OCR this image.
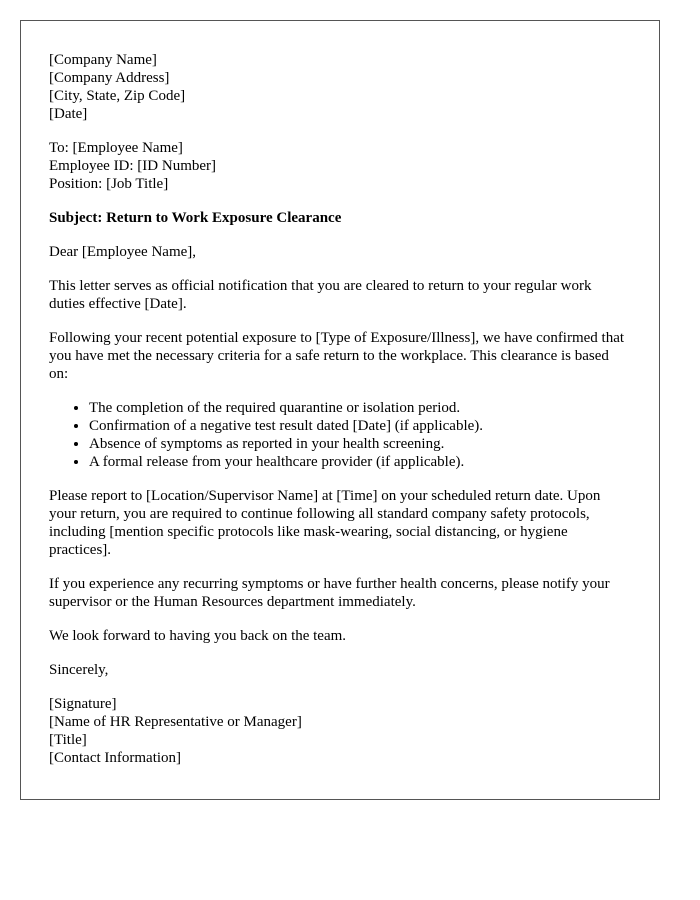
[Company Name]
[Company Address]
[City, State, Zip Code]
[Date]
To: [Employee Name]
Employee ID: [ID Number]
Position: [Job Title]

Subject: Return to Work Exposure Clearance

Dear [Employee Name],

This letter serves as official notification that you are cleared to return to your regular work duties effective [Date].

Following your recent potential exposure to [Type of Exposure/Illness], we have confirmed that you have met the necessary criteria for a safe return to the workplace. This clearance is based on:

• The completion of the required quarantine or isolation period.
• Confirmation of a negative test result dated [Date] (if applicable).
• Absence of symptoms as reported in your health screening.
• A formal release from your healthcare provider (if applicable).

Please report to [Location/Supervisor Name] at [Time] on your scheduled return date. Upon your return, you are required to continue following all standard company safety protocols, including [mention specific protocols like mask-wearing, social distancing, or hygiene practices].

If you experience any recurring symptoms or have further health concerns, please notify your supervisor or the Human Resources department immediately.

We look forward to having you back on the team.

Sincerely,

[Signature]
[Name of HR Representative or Manager]
[Title]
[Contact Information]
